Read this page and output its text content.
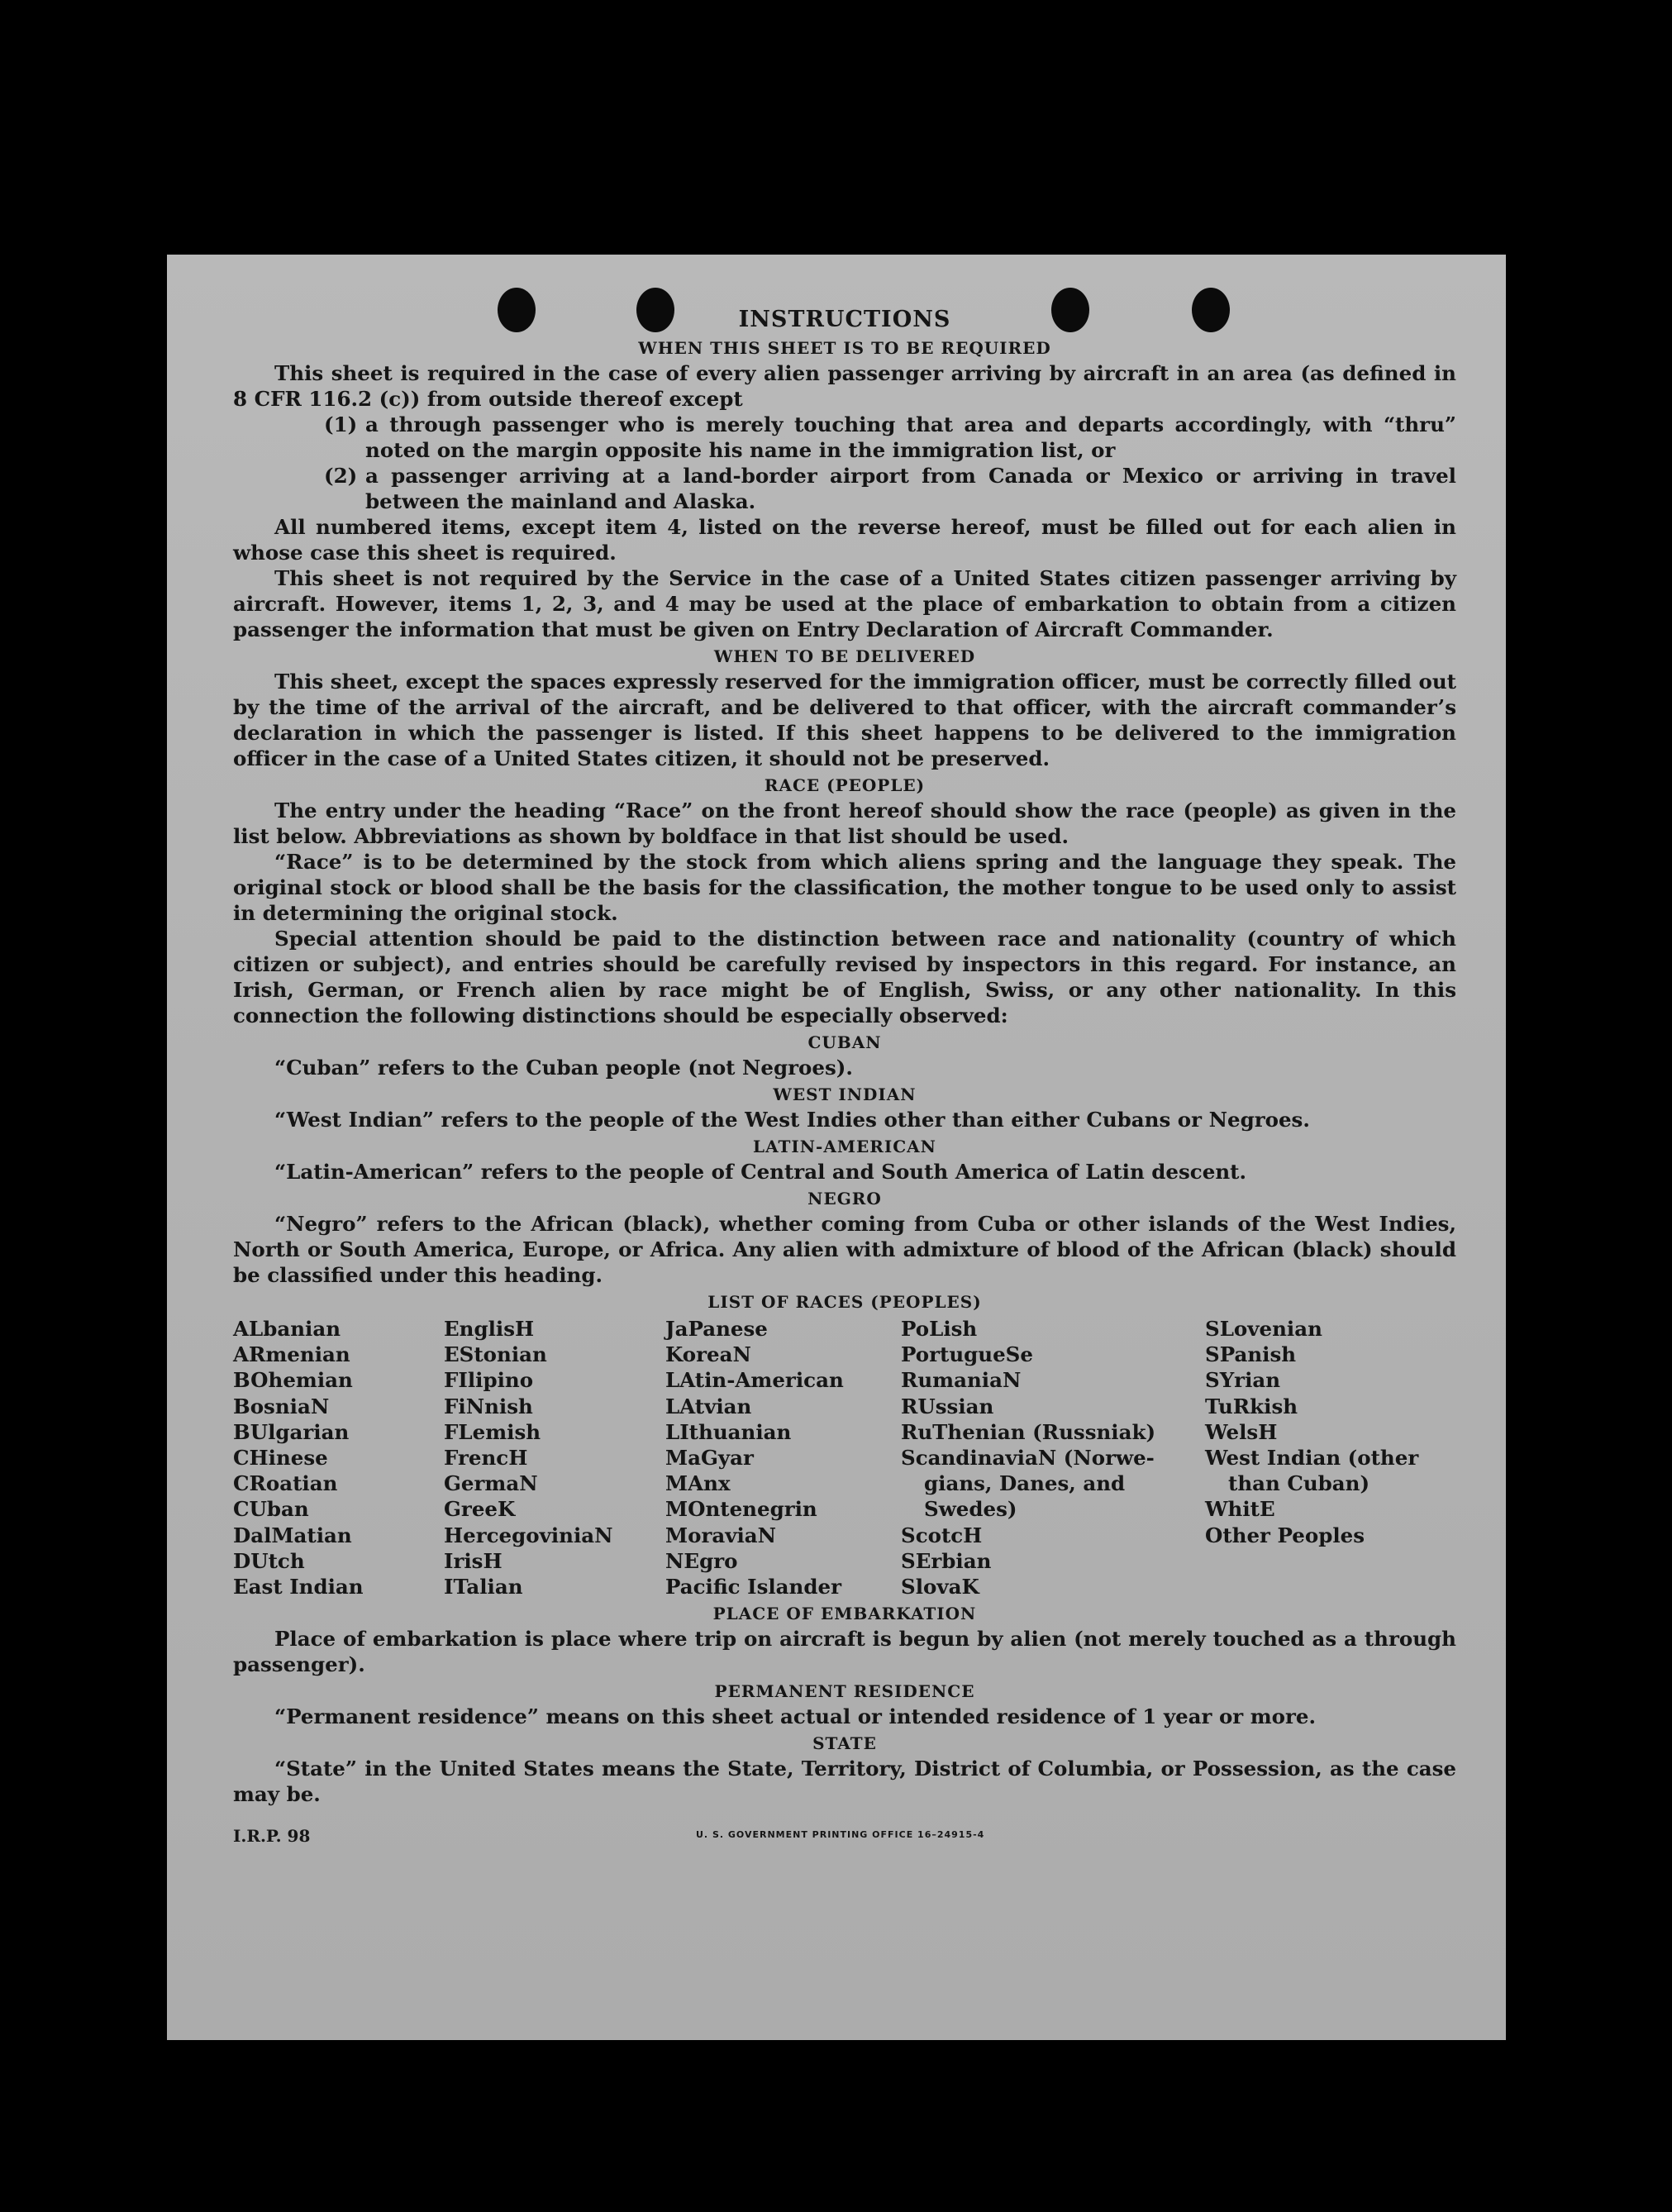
INSTRUCTIONS
WHEN THIS SHEET IS TO BE REQUIRED

This sheet is required in the case of every alien passenger arriving by aircraft in an area (as defined in 8 CFR 116.2 (c)) from outside thereof except

(1) a through passenger who is merely touching that area and departs accordingly, with “thru” noted on the margin opposite his name in the immigration list, or
(2) a passenger arriving at a land-border airport from Canada or Mexico or arriving in travel between the mainland and Alaska.

All numbered items, except item 4, listed on the reverse hereof, must be filled out for each alien in whose case this sheet is required.

This sheet is not required by the Service in the case of a United States citizen passenger arriving by aircraft. However, items 1, 2, 3, and 4 may be used at the place of embarkation to obtain from a citizen passenger the information that must be given on Entry Declaration of Aircraft Commander.

WHEN TO BE DELIVERED

This sheet, except the spaces expressly reserved for the immigration officer, must be correctly filled out by the time of the arrival of the aircraft, and be delivered to that officer, with the aircraft commander’s declaration in which the passenger is listed. If this sheet happens to be delivered to the immigration officer in the case of a United States citizen, it should not be preserved.

RACE (PEOPLE)

The entry under the heading “Race” on the front hereof should show the race (people) as given in the list below. Abbreviations as shown by boldface in that list should be used.

“Race” is to be determined by the stock from which aliens spring and the language they speak. The original stock or blood shall be the basis for the classification, the mother tongue to be used only to assist in determining the original stock.

Special attention should be paid to the distinction between race and nationality (country of which citizen or subject), and entries should be carefully revised by inspectors in this regard. For instance, an Irish, German, or French alien by race might be of English, Swiss, or any other nationality. In this connection the following distinctions should be especially observed:

CUBAN

“Cuban” refers to the Cuban people (not Negroes).

WEST INDIAN

“West Indian” refers to the people of the West Indies other than either Cubans or Negroes.

LATIN-AMERICAN

“Latin-American” refers to the people of Central and South America of Latin descent.

NEGRO

“Negro” refers to the African (black), whether coming from Cuba or other islands of the West Indies, North or South America, Europe, or Africa. Any alien with admixture of blood of the African (black) should be classified under this heading.

LIST OF RACES (PEOPLES)
ALbanian
ARmenian
BOhemian
BosniaN
BUlgarian
CHinese
CRoatian
CUban
DalMatian
DUtch
East Indian
EnglisH
EStonian
FIlipino
FiNnish
FLemish
FrencH
GermaN
GreeK
HercegoviniaN
IrisH
ITalian
JaPanese
KoreaN
LAtin-American
LAtvian
LIthuanian
MaGyar
MAnx
MOntenegrin
MoraviaN
NEgro
Pacific Islander
PoLish
PortugueSe
RumaniaN
RUssian
RuThenian (Russniak)
ScandinaviaN (Norwe-
gians, Danes, and
Swedes)
ScotcH
SErbian
SlovaK
SLovenian
SPanish
SYrian
TuRkish
WelsH
West Indian (other
than Cuban)
WhitE
Other Peoples
PLACE OF EMBARKATION

Place of embarkation is place where trip on aircraft is begun by alien (not merely touched as a through passenger).

PERMANENT RESIDENCE

“Permanent residence” means on this sheet actual or intended residence of 1 year or more.

STATE

“State” in the United States means the State, Territory, District of Columbia, or Possession, as the case may be.

I.R.P. 98	U. S. GOVERNMENT PRINTING OFFICE 16–24915-4
